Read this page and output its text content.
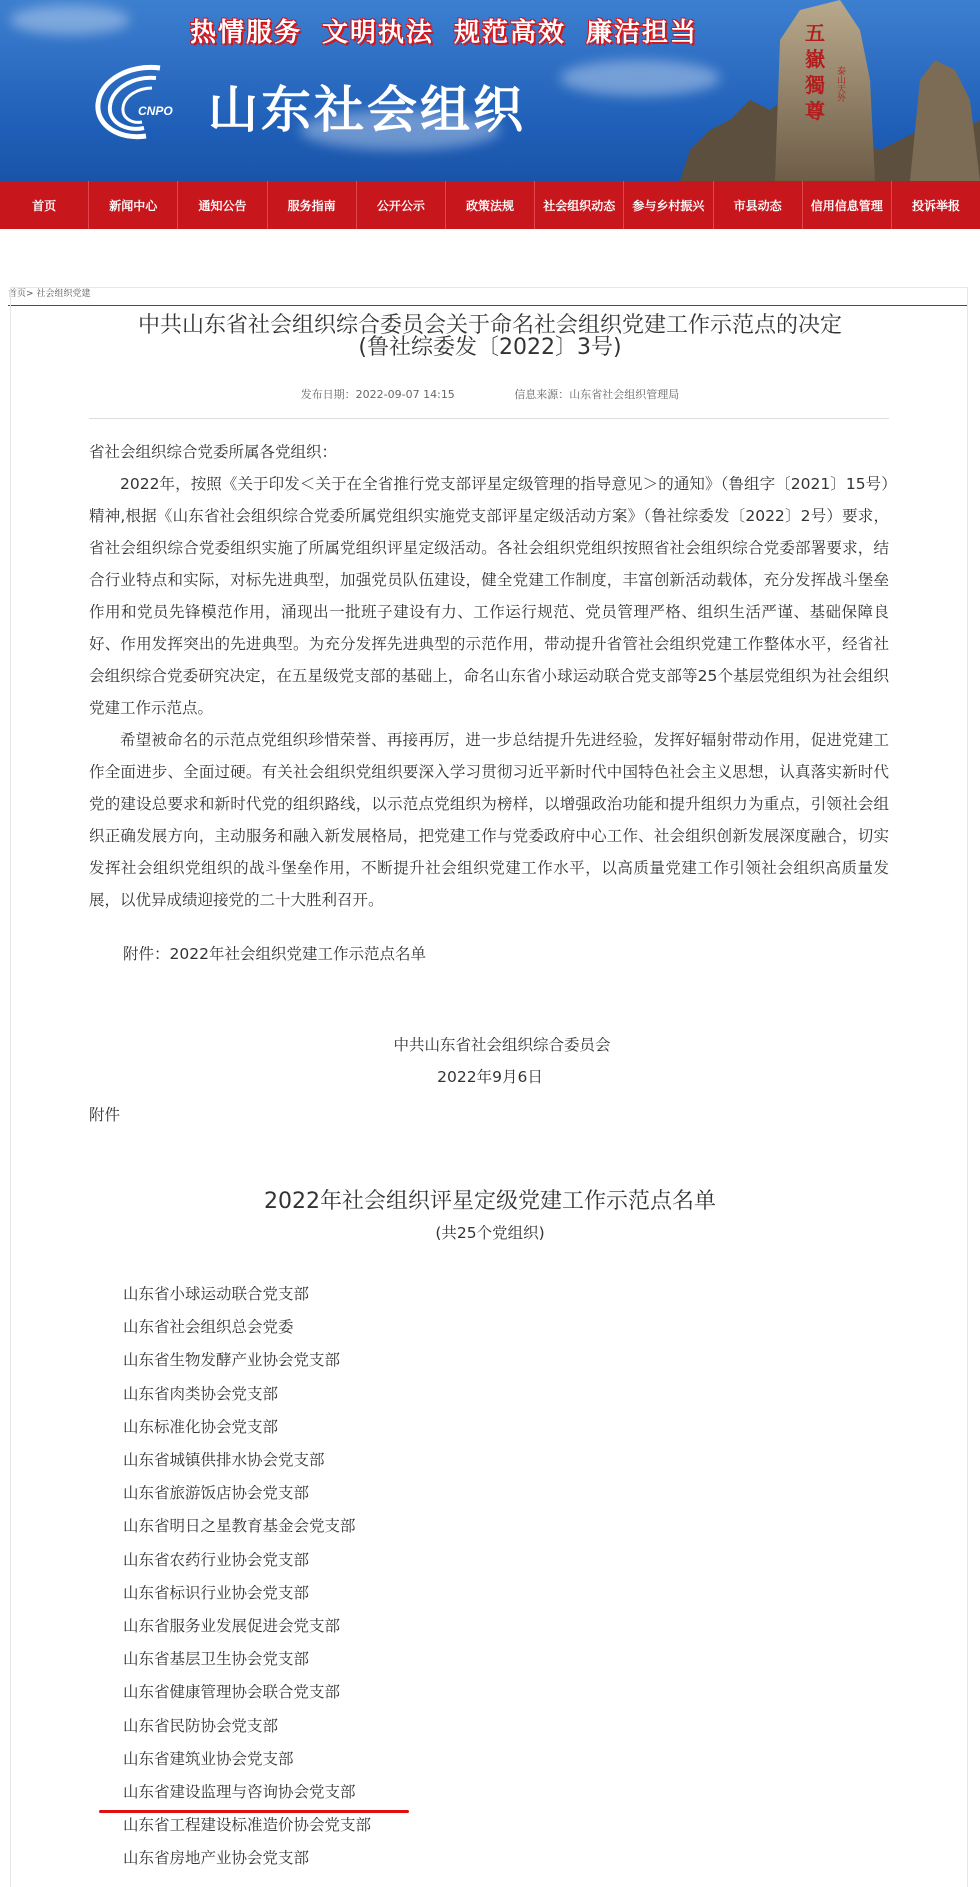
热情服务 文明执法 规范高效 廉洁担当
CNPO 山东社会组织
五
嶽
獨
尊
泰山天外
首页	新闻中心	通知公告	服务指南	公开公示	政策法规	社会组织动态	参与乡村振兴	市县动态	信用信息管理	投诉举报
首页> 社会组织党建
中共山东省社会组织综合委员会关于命名社会组织党建工作示范点的决定
(鲁社综委发〔2022〕3号)
发布日期：2022-09-07 14:15	信息来源：山东省社会组织管理局

省社会组织综合党委所属各党组织：

2022年，按照《关于印发＜关于在全省推行党支部评星定级管理的指导意见＞的通知》（鲁组字〔2021〕15号）精神,根据《山东省社会组织综合党委所属党组织实施党支部评星定级活动方案》（鲁社综委发〔2022〕2号）要求，省社会组织综合党委组织实施了所属党组织评星定级活动。各社会组织党组织按照省社会组织综合党委部署要求，结合行业特点和实际，对标先进典型，加强党员队伍建设，健全党建工作制度，丰富创新活动载体，充分发挥战斗堡垒作用和党员先锋模范作用，涌现出一批班子建设有力、工作运行规范、党员管理严格、组织生活严谨、基础保障良好、作用发挥突出的先进典型。为充分发挥先进典型的示范作用，带动提升省管社会组织党建工作整体水平，经省社会组织综合党委研究决定，在五星级党支部的基础上，命名山东省小球运动联合党支部等25个基层党组织为社会组织党建工作示范点。

希望被命名的示范点党组织珍惜荣誉、再接再厉，进一步总结提升先进经验，发挥好辐射带动作用，促进党建工作全面进步、全面过硬。有关社会组织党组织要深入学习贯彻习近平新时代中国特色社会主义思想，认真落实新时代党的建设总要求和新时代党的组织路线，以示范点党组织为榜样，以增强政治功能和提升组织力为重点，引领社会组织正确发展方向，主动服务和融入新发展格局，把党建工作与党委政府中心工作、社会组织创新发展深度融合，切实发挥社会组织党组织的战斗堡垒作用，不断提升社会组织党建工作水平，以高质量党建工作引领社会组织高质量发展，以优异成绩迎接党的二十大胜利召开。

附件：2022年社会组织党建工作示范点名单
中共山东省社会组织综合委员会
2022年9月6日
附件
2022年社会组织评星定级党建工作示范点名单
(共25个党组织)
山东省小球运动联合党支部
山东省社会组织总会党委
山东省生物发酵产业协会党支部
山东省肉类协会党支部
山东标准化协会党支部
山东省城镇供排水协会党支部
山东省旅游饭店协会党支部
山东省明日之星教育基金会党支部
山东省农药行业协会党支部
山东省标识行业协会党支部
山东省服务业发展促进会党支部
山东省基层卫生协会党支部
山东省健康管理协会联合党支部
山东省民防协会党支部
山东省建筑业协会党支部
山东省建设监理与咨询协会党支部
山东省工程建设标准造价协会党支部
山东省房地产业协会党支部
